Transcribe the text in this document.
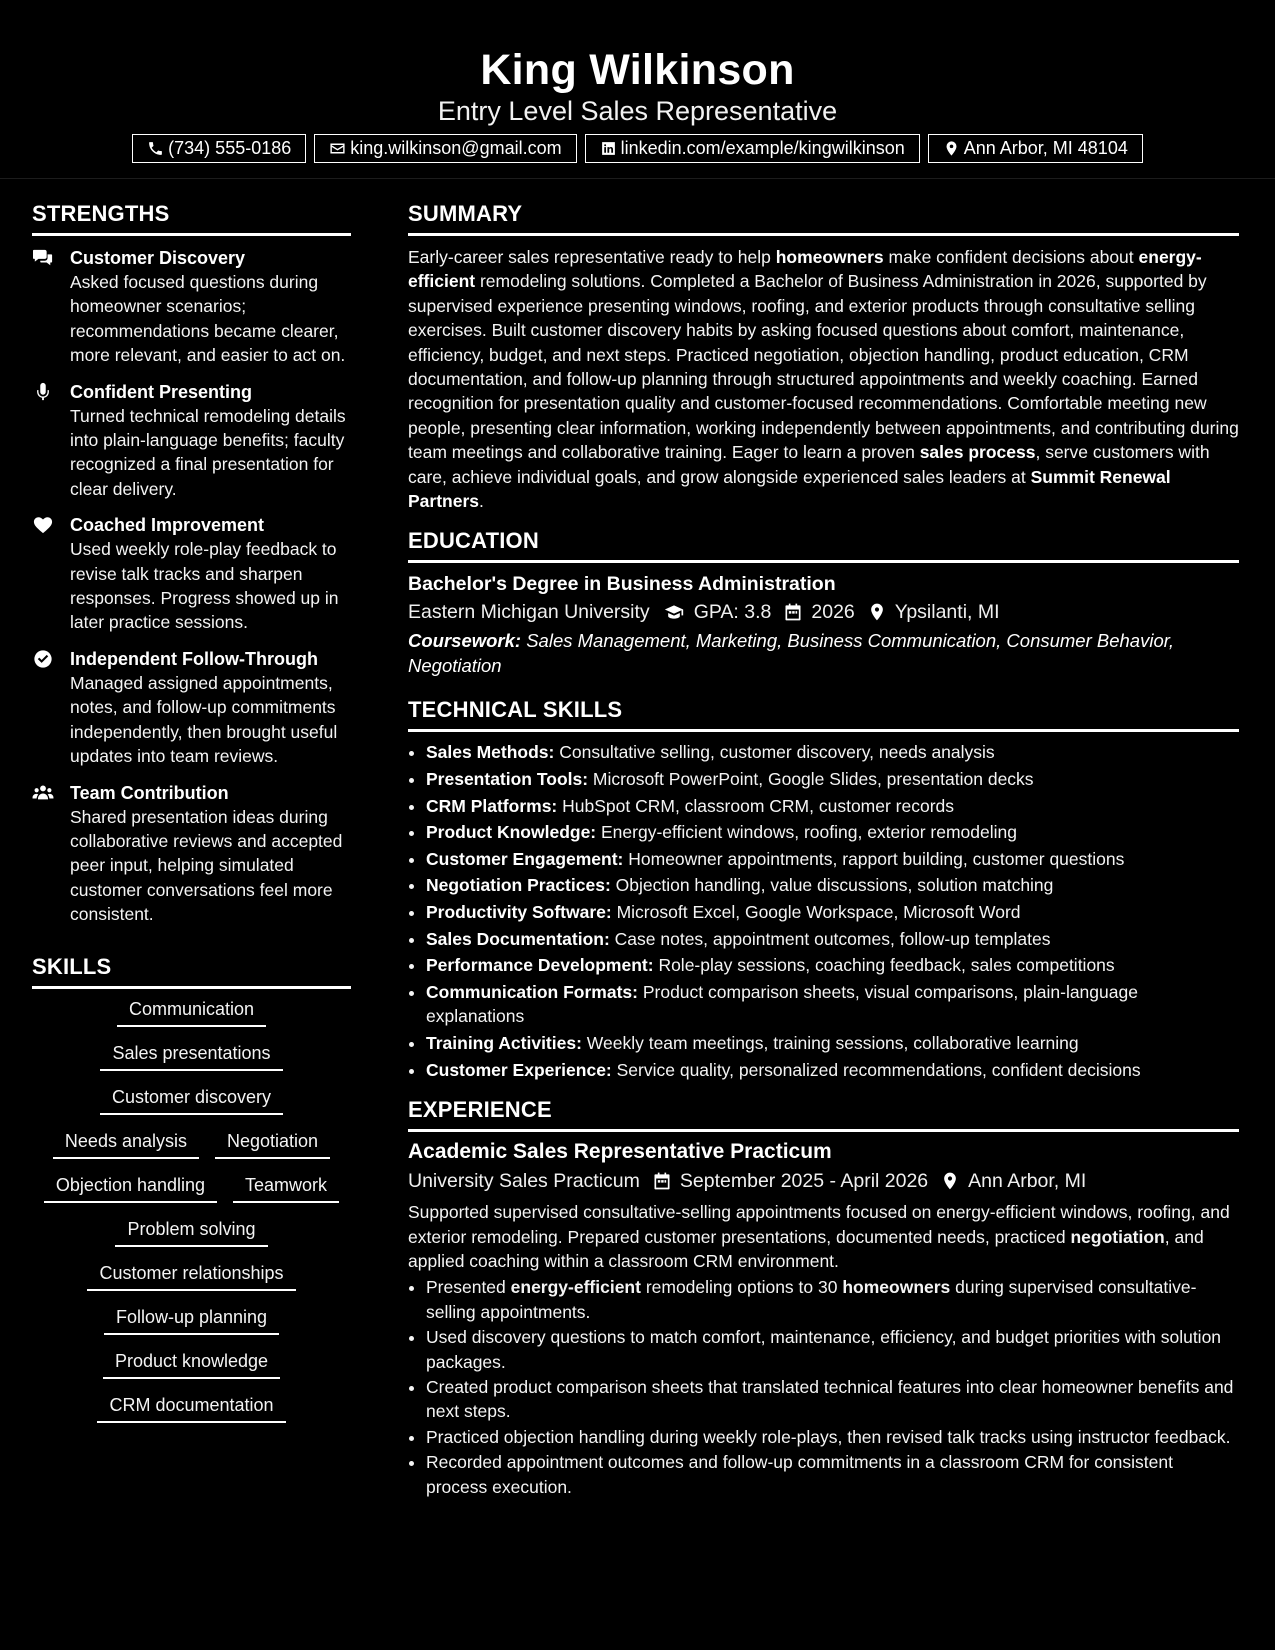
King Wilkinson
Entry Level Sales Representative
(734) 555-0186	king.wilkinson@gmail.com	linkedin.com/example/kingwilkinson	Ann Arbor, MI 48104
STRENGTHS
Customer Discovery
Asked focused questions during homeowner scenarios; recommendations became clearer, more relevant, and easier to act on.
Confident Presenting
Turned technical remodeling details into plain-language benefits; faculty recognized a final presentation for clear delivery.
Coached Improvement
Used weekly role-play feedback to revise talk tracks and sharpen responses. Progress showed up in later practice sessions.
Independent Follow-Through
Managed assigned appointments, notes, and follow-up commitments independently, then brought useful updates into team reviews.
Team Contribution
Shared presentation ideas during collaborative reviews and accepted peer input, helping simulated customer conversations feel more consistent.
SKILLS
Communication
Sales presentations
Customer discovery
Needs analysis Negotiation
Objection handling Teamwork
Problem solving
Customer relationships
Follow-up planning
Product knowledge
CRM documentation
SUMMARY
Early-career sales representative ready to help homeowners make confident decisions about energy-efficient remodeling solutions. Completed a Bachelor of Business Administration in 2026, supported by supervised experience presenting windows, roofing, and exterior products through consultative selling exercises. Built customer discovery habits by asking focused questions about comfort, maintenance, efficiency, budget, and next steps. Practiced negotiation, objection handling, product education, CRM documentation, and follow-up planning through structured appointments and weekly coaching. Earned recognition for presentation quality and customer-focused recommendations. Comfortable meeting new people, presenting clear information, working independently between appointments, and contributing during team meetings and collaborative training. Eager to learn a proven sales process, serve customers with care, achieve individual goals, and grow alongside experienced sales leaders at Summit Renewal Partners.
EDUCATION
Bachelor's Degree in Business Administration
Eastern Michigan University GPA: 3.8 2026 Ypsilanti, MI
Coursework: Sales Management, Marketing, Business Communication, Consumer Behavior, Negotiation
TECHNICAL SKILLS
• Sales Methods: Consultative selling, customer discovery, needs analysis
• Presentation Tools: Microsoft PowerPoint, Google Slides, presentation decks
• CRM Platforms: HubSpot CRM, classroom CRM, customer records
• Product Knowledge: Energy-efficient windows, roofing, exterior remodeling
• Customer Engagement: Homeowner appointments, rapport building, customer questions
• Negotiation Practices: Objection handling, value discussions, solution matching
• Productivity Software: Microsoft Excel, Google Workspace, Microsoft Word
• Sales Documentation: Case notes, appointment outcomes, follow-up templates
• Performance Development: Role-play sessions, coaching feedback, sales competitions
• Communication Formats: Product comparison sheets, visual comparisons, plain-language explanations
• Training Activities: Weekly team meetings, training sessions, collaborative learning
• Customer Experience: Service quality, personalized recommendations, confident decisions
EXPERIENCE
Academic Sales Representative Practicum
University Sales Practicum September 2025 - April 2026 Ann Arbor, MI
Supported supervised consultative-selling appointments focused on energy-efficient windows, roofing, and exterior remodeling. Prepared customer presentations, documented needs, practiced negotiation, and applied coaching within a classroom CRM environment.
• Presented energy-efficient remodeling options to 30 homeowners during supervised consultative-selling appointments.
• Used discovery questions to match comfort, maintenance, efficiency, and budget priorities with solution packages.
• Created product comparison sheets that translated technical features into clear homeowner benefits and next steps.
• Practiced objection handling during weekly role-plays, then revised talk tracks using instructor feedback.
• Recorded appointment outcomes and follow-up commitments in a classroom CRM for consistent process execution.
